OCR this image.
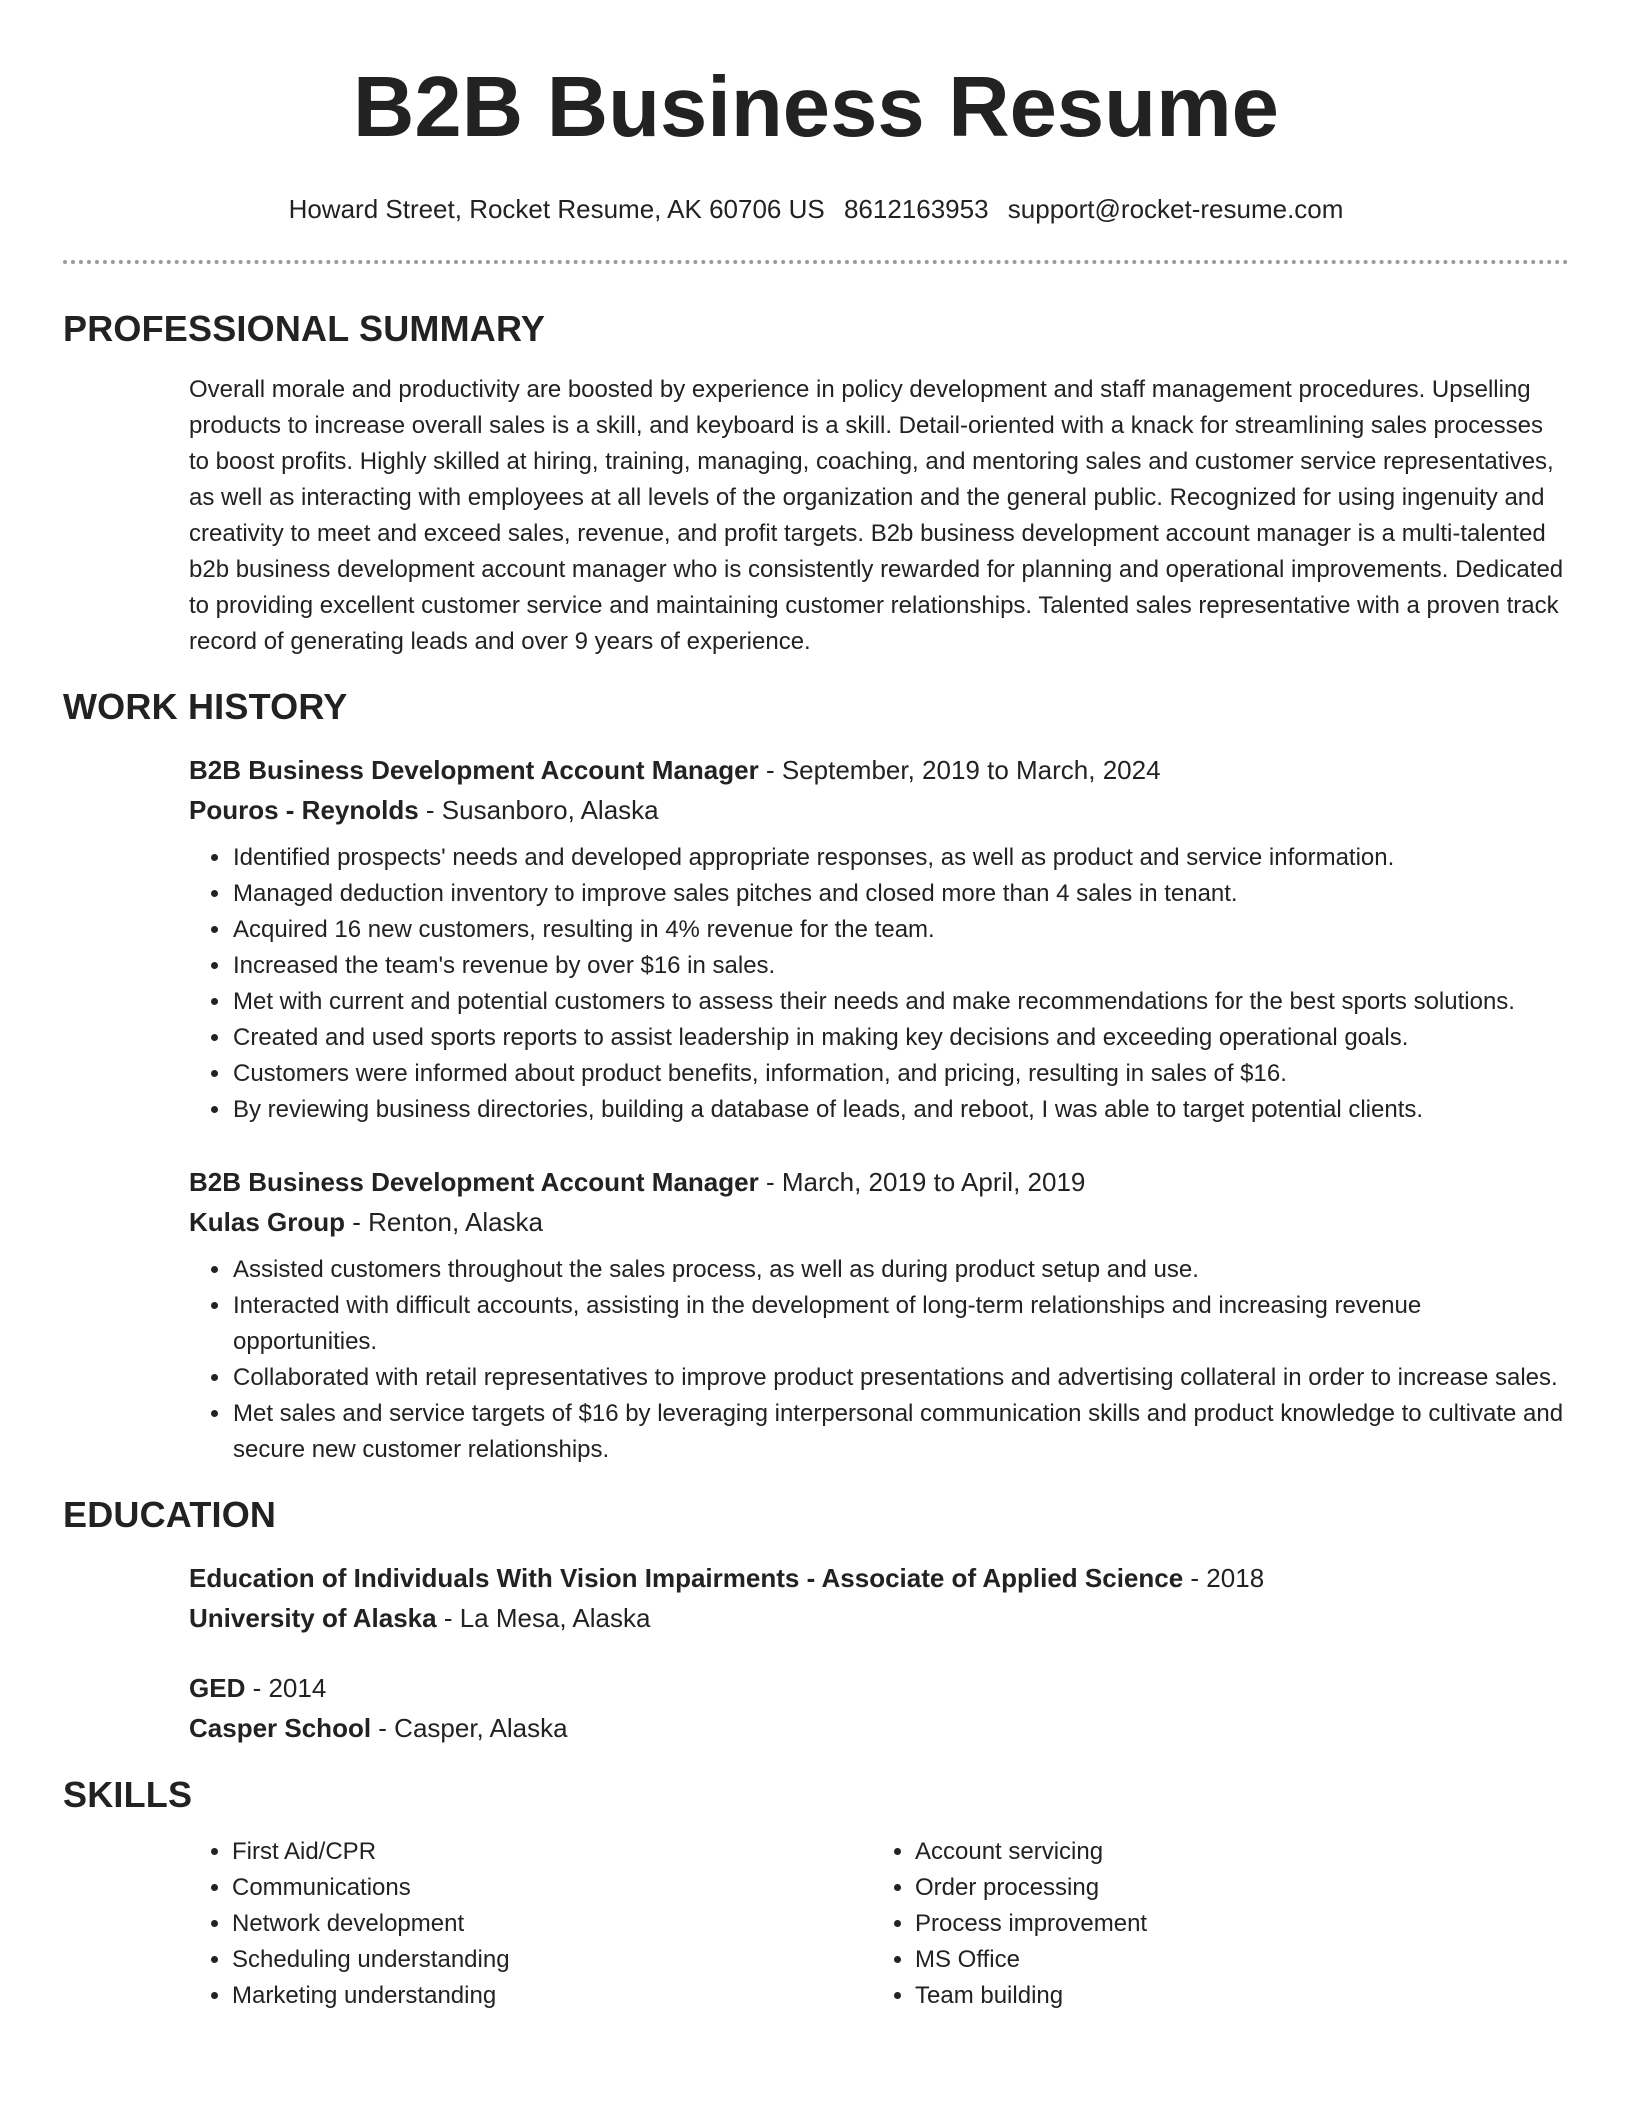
B2B Business Resume
Howard Street, Rocket Resume, AK 60706 US 8612163953 support@rocket-resume.com
PROFESSIONAL SUMMARY
Overall morale and productivity are boosted by experience in policy development and staff management procedures. Upselling products to increase overall sales is a skill, and keyboard is a skill. Detail-oriented with a knack for streamlining sales processes to boost profits. Highly skilled at hiring, training, managing, coaching, and mentoring sales and customer service representatives, as well as interacting with employees at all levels of the organization and the general public. Recognized for using ingenuity and creativity to meet and exceed sales, revenue, and profit targets. B2b business development account manager is a multi-talented b2b business development account manager who is consistently rewarded for planning and operational improvements. Dedicated to providing excellent customer service and maintaining customer relationships. Talented sales representative with a proven track record of generating leads and over 9 years of experience.
WORK HISTORY
B2B Business Development Account Manager - September, 2019 to March, 2024
Pouros - Reynolds - Susanboro, Alaska
• Identified prospects' needs and developed appropriate responses, as well as product and service information.
• Managed deduction inventory to improve sales pitches and closed more than 4 sales in tenant.
• Acquired 16 new customers, resulting in 4% revenue for the team.
• Increased the team's revenue by over $16 in sales.
• Met with current and potential customers to assess their needs and make recommendations for the best sports solutions.
• Created and used sports reports to assist leadership in making key decisions and exceeding operational goals.
• Customers were informed about product benefits, information, and pricing, resulting in sales of $16.
• By reviewing business directories, building a database of leads, and reboot, I was able to target potential clients.
B2B Business Development Account Manager - March, 2019 to April, 2019
Kulas Group - Renton, Alaska
• Assisted customers throughout the sales process, as well as during product setup and use.
• Interacted with difficult accounts, assisting in the development of long-term relationships and increasing revenue opportunities.
• Collaborated with retail representatives to improve product presentations and advertising collateral in order to increase sales.
• Met sales and service targets of $16 by leveraging interpersonal communication skills and product knowledge to cultivate and secure new customer relationships.
EDUCATION
Education of Individuals With Vision Impairments - Associate of Applied Science - 2018
University of Alaska - La Mesa, Alaska
GED - 2014
Casper School - Casper, Alaska
SKILLS
• First Aid/CPR
• Communications
• Network development
• Scheduling understanding
• Marketing understanding
• Account servicing
• Order processing
• Process improvement
• MS Office
• Team building
